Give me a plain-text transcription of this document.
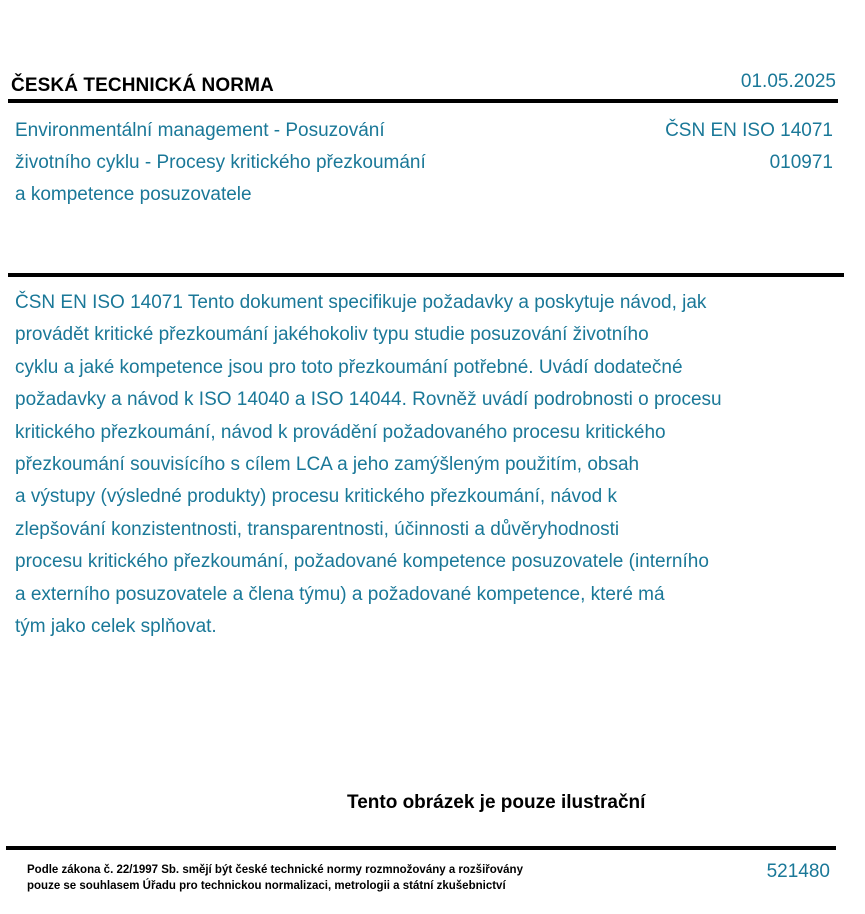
ČESKÁ TECHNICKÁ NORMA	01.05.2025
Environmentální management - Posuzování
životního cyklu - Procesy kritického přezkoumání
a kompetence posuzovatele
ČSN EN ISO 14071
010971
ČSN EN ISO 14071 Tento dokument specifikuje požadavky a poskytuje návod, jak
provádět kritické přezkoumání jakéhokoliv typu studie posuzování životního
cyklu a jaké kompetence jsou pro toto přezkoumání potřebné. Uvádí dodatečné
požadavky a návod k ISO 14040 a ISO 14044. Rovněž uvádí podrobnosti o procesu
kritického přezkoumání, návod k provádění požadovaného procesu kritického
přezkoumání souvisícího s cílem LCA a jeho zamýšleným použitím, obsah
a výstupy (výsledné produkty) procesu kritického přezkoumání, návod k
zlepšování konzistentnosti, transparentnosti, účinnosti a důvěryhodnosti
procesu kritického přezkoumání, požadované kompetence posuzovatele (interního
a externího posuzovatele a člena týmu) a požadované kompetence, které má
tým jako celek splňovat.
Tento obrázek je pouze ilustrační
Podle zákona č. 22/1997 Sb. smějí být české technické normy rozmnožovány a rozšiřovány
pouze se souhlasem Úřadu pro technickou normalizaci, metrologii a státní zkušebnictví
521480
